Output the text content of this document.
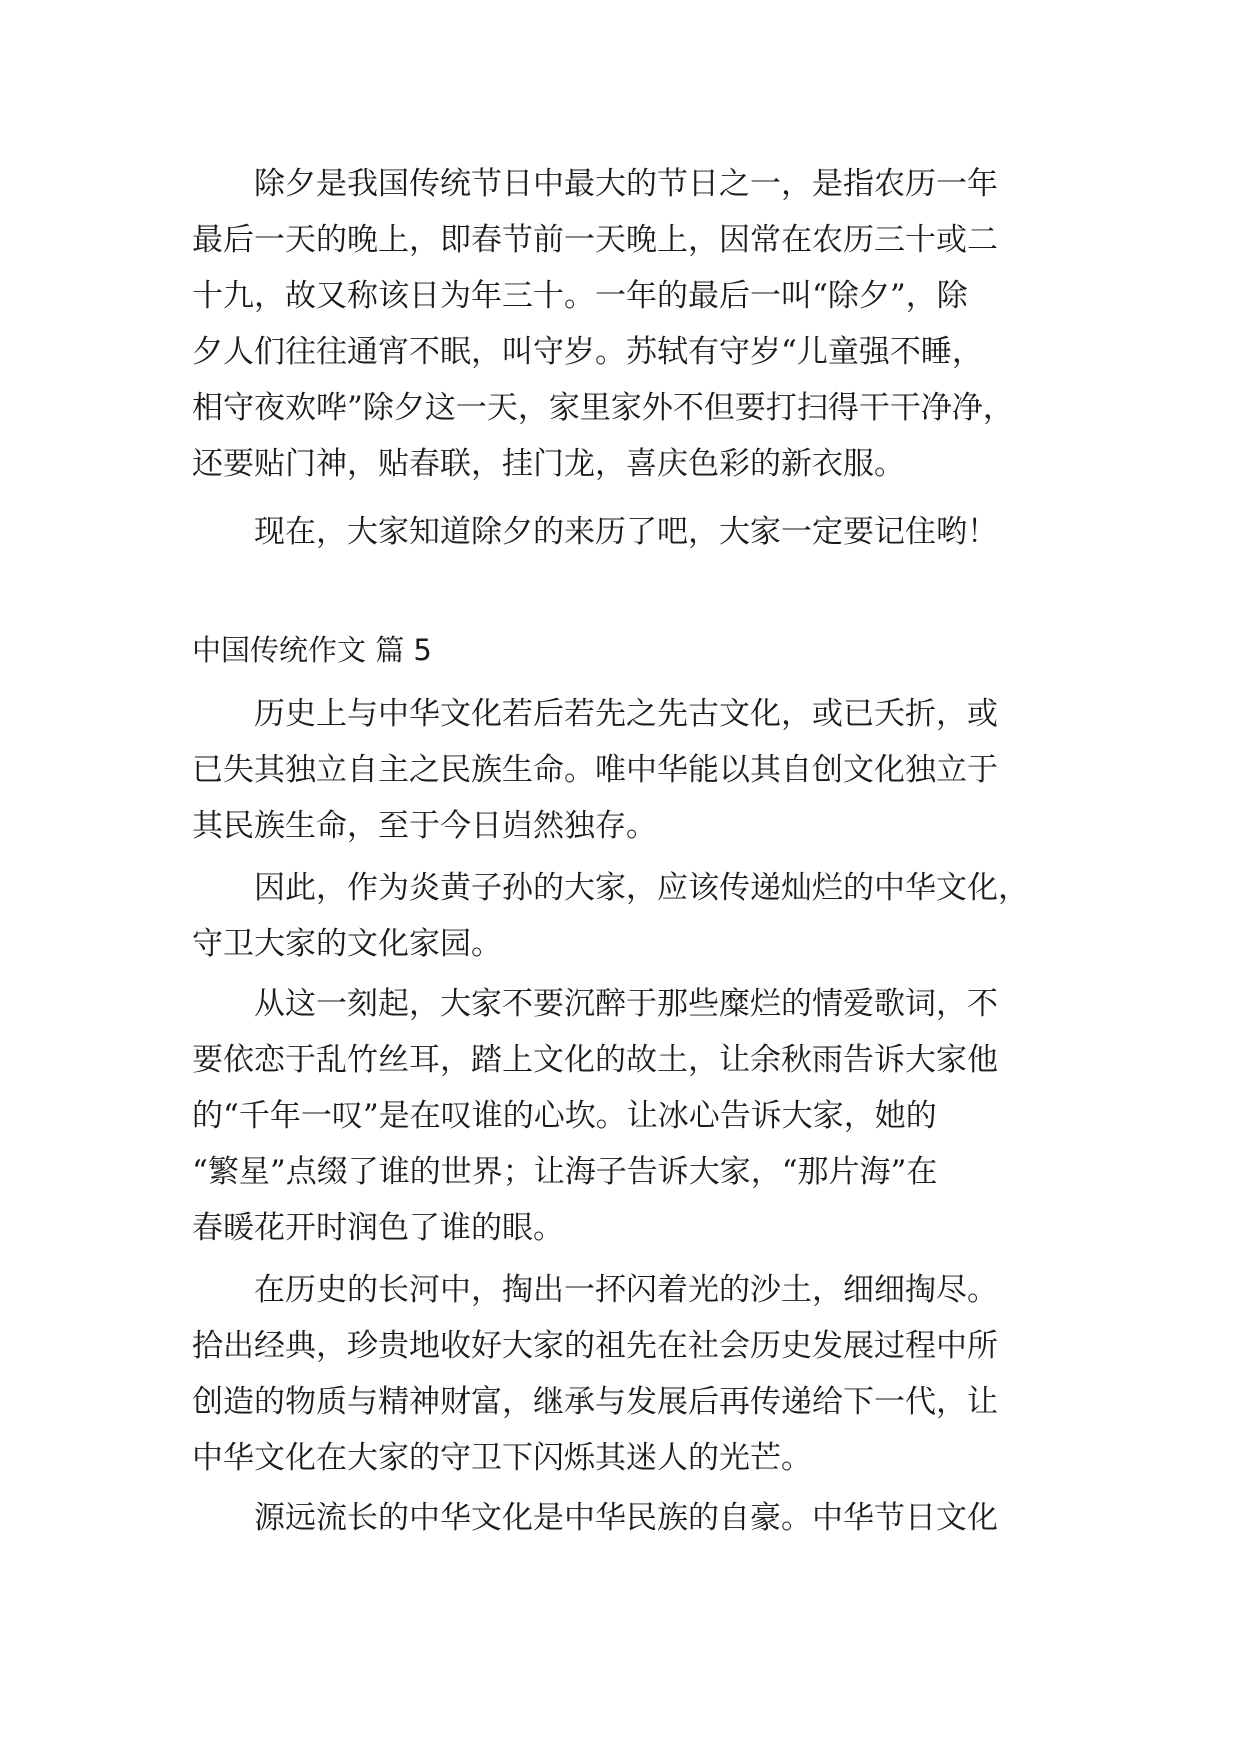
除夕是我国传统节日中最大的节日之一，是指农历一年
最后一天的晚上，即春节前一天晚上，因常在农历三十或二
十九，故又称该日为年三十。一年的最后一叫“除夕”，除
夕人们往往通宵不眠，叫守岁。苏轼有守岁“儿童强不睡，
相守夜欢哗”除夕这一天，家里家外不但要打扫得干干净净，
还要贴门神，贴春联，挂门龙，喜庆色彩的新衣服。
现在，大家知道除夕的来历了吧，大家一定要记住哟！
中国传统作文 篇 5
历史上与中华文化若后若先之先古文化，或已夭折，或
已失其独立自主之民族生命。唯中华能以其自创文化独立于
其民族生命，至于今日岿然独存。
因此，作为炎黄子孙的大家，应该传递灿烂的中华文化，
守卫大家的文化家园。
从这一刻起，大家不要沉醉于那些糜烂的情爱歌词，不
要依恋于乱竹丝耳，踏上文化的故土，让余秋雨告诉大家他
的“千年一叹”是在叹谁的心坎。让冰心告诉大家，她的
“繁星”点缀了谁的世界；让海子告诉大家，“那片海”在
春暖花开时润色了谁的眼。
在历史的长河中，掏出一抔闪着光的沙土，细细掏尽。
拾出经典，珍贵地收好大家的祖先在社会历史发展过程中所
创造的物质与精神财富，继承与发展后再传递给下一代，让
中华文化在大家的守卫下闪烁其迷人的光芒。
源远流长的中华文化是中华民族的自豪。中华节日文化
